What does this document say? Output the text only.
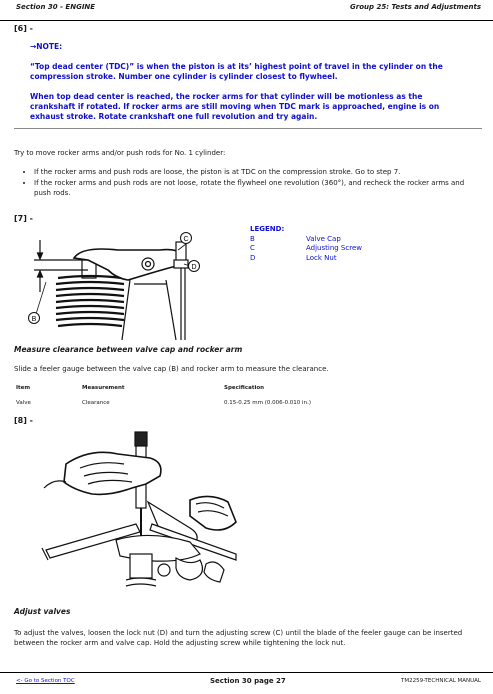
Section 30 - ENGINE	Group 25: Tests and Adjustments
[6] -
→NOTE:

“Top dead center (TDC)” is when the piston is at its’ highest point of travel in the cylinder on the compression stroke. Number one cylinder is cylinder closest to flywheel.

When top dead center is reached, the rocker arms for that cylinder will be motionless as the crankshaft if rotated. If rocker arms are still moving when TDC mark is approached, engine is on exhaust stroke. Rotate crankshaft one full revolution and try again.

Try to move rocker arms and/or push rods for No. 1 cylinder:

• If the rocker arms and push rods are loose, the piston is at TDC on the compression stroke. Go to step 7.
• If the rocker arms and push rods are not loose, rotate the flywheel one revolution (360°), and recheck the rocker arms and push rods.
[7] -
C
D
B
LEGEND:
B	Valve Cap
C	Adjusting Screw
D	Lock Nut
Measure clearance between valve cap and rocker arm

Slide a feeler gauge between the valve cap (B) and rocker arm to measure the clearance.

Item	Measurement	Specification
Valve	Clearance	0.15-0.25 mm (0.006-0.010 in.)
[8] -
Adjust valves

To adjust the valves, loosen the lock nut (D) and turn the adjusting screw (C) until the blade of the feeler gauge can be inserted between the rocker arm and valve cap. Hold the adjusting screw while tightening the lock nut.

<- Go to Section TOC	Section 30 page 27	TM2259-TECHNICAL MANUAL
